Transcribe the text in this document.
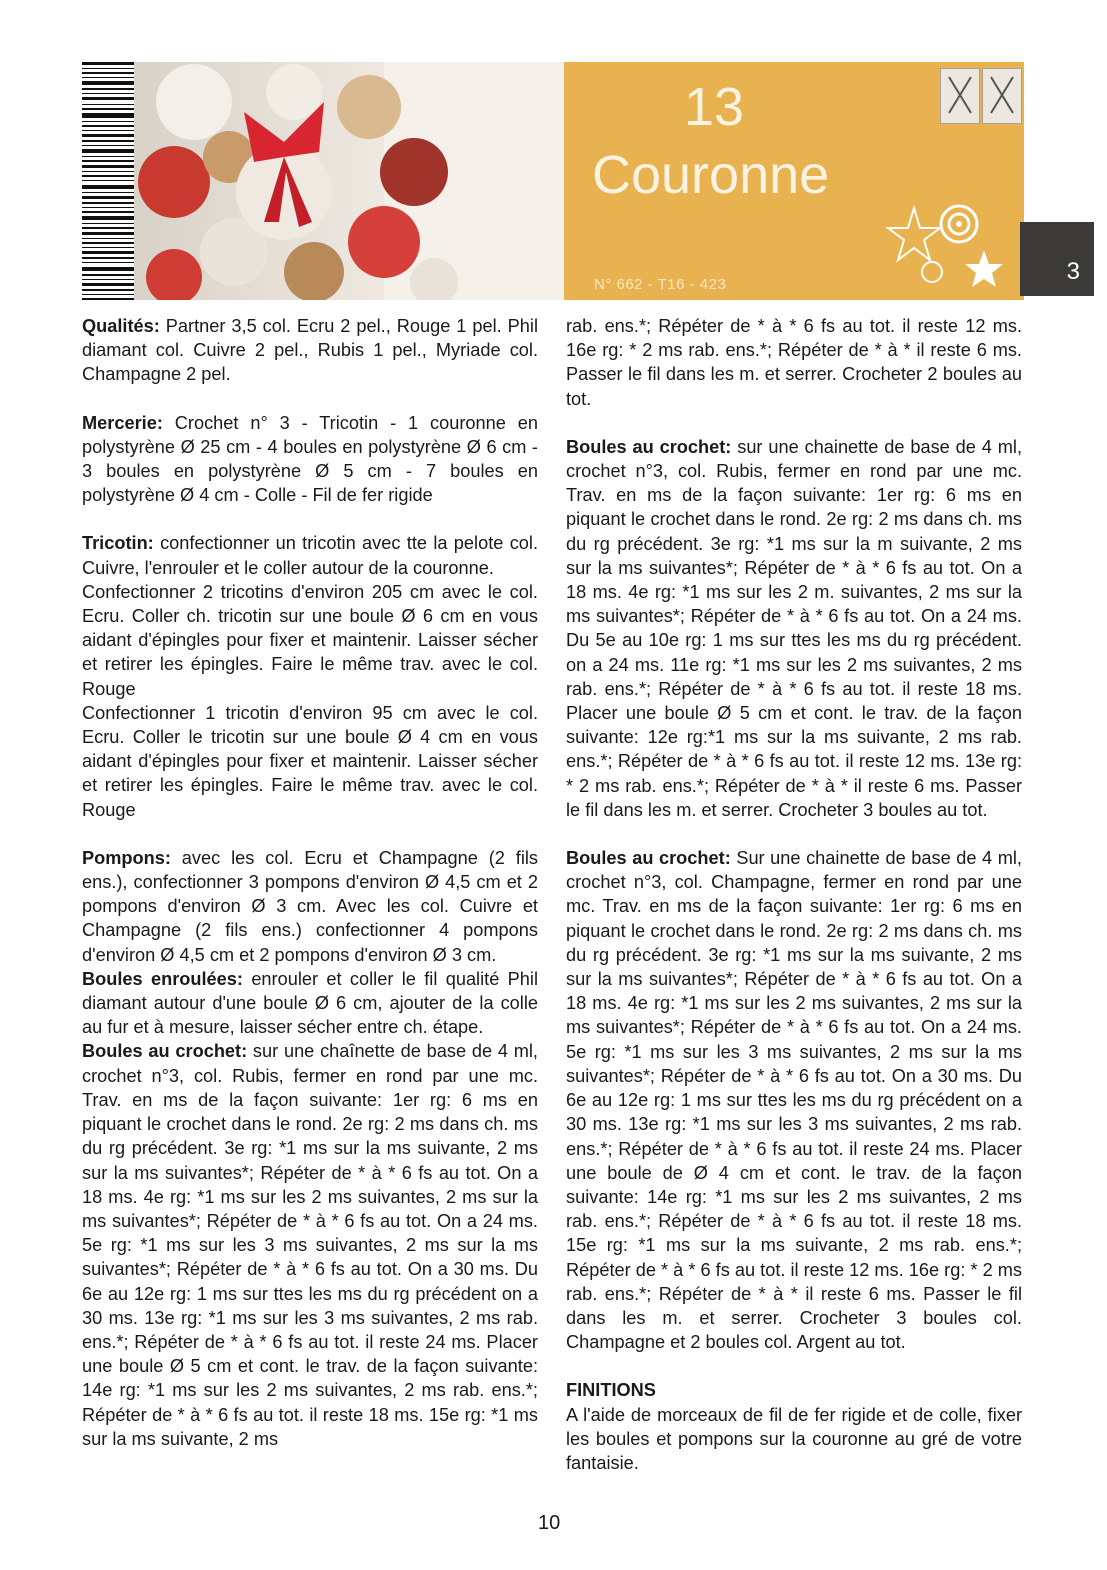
13
Couronne
N° 662 - T16 - 423	3

Qualités: Partner 3,5 col. Ecru 2 pel., Rouge 1 pel. Phil diamant col. Cuivre 2 pel., Rubis 1 pel., Myriade col. Champagne 2 pel.

Mercerie: Crochet n° 3 - Tricotin - 1 couronne en polystyrène Ø 25 cm - 4 boules en polystyrène Ø 6 cm - 3 boules en polystyrène Ø 5 cm - 7 boules en polystyrène Ø 4 cm - Colle - Fil de fer rigide

Tricotin: confectionner un tricotin avec tte la pelote col. Cuivre, l'enrouler et le coller autour de la couronne.

Confectionner 2 tricotins d'environ 205 cm avec le col. Ecru. Coller ch. tricotin sur une boule Ø 6 cm en vous aidant d'épingles pour fixer et maintenir. Laisser sécher et retirer les épingles. Faire le même trav. avec le col. Rouge

Confectionner 1 tricotin d'environ 95 cm avec le col. Ecru. Coller le tricotin sur une boule Ø 4 cm en vous aidant d'épingles pour fixer et maintenir. Laisser sécher et retirer les épingles. Faire le même trav. avec le col. Rouge

Pompons: avec les col. Ecru et Champagne (2 fils ens.), confectionner 3 pompons d'environ Ø 4,5 cm et 2 pompons d'environ Ø 3 cm. Avec les col. Cuivre et Champagne (2 fils ens.) confectionner 4 pompons d'environ Ø 4,5 cm et 2 pompons d'environ Ø 3 cm.

Boules enroulées: enrouler et coller le fil qualité Phil diamant autour d'une boule Ø 6 cm, ajouter de la colle au fur et à mesure, laisser sécher entre ch. étape.

Boules au crochet: sur une chaînette de base de 4 ml, crochet n°3, col. Rubis, fermer en rond par une mc. Trav. en ms de la façon suivante: 1er rg: 6 ms en piquant le crochet dans le rond. 2e rg: 2 ms dans ch. ms du rg précédent. 3e rg: *1 ms sur la ms suivante, 2 ms sur la ms suivantes*; Répéter de * à * 6 fs au tot. On a 18 ms. 4e rg: *1 ms sur les 2 ms suivantes, 2 ms sur la ms suivantes*; Répéter de * à * 6 fs au tot. On a 24 ms. 5e rg: *1 ms sur les 3 ms suivantes, 2 ms sur la ms suivantes*; Répéter de * à * 6 fs au tot. On a 30 ms. Du 6e au 12e rg: 1 ms sur ttes les ms du rg précédent on a 30 ms. 13e rg: *1 ms sur les 3 ms suivantes, 2 ms rab. ens.*; Répéter de * à * 6 fs au tot. il reste 24 ms. Placer une boule Ø 5 cm et cont. le trav. de la façon suivante: 14e rg: *1 ms sur les 2 ms suivantes, 2 ms rab. ens.*; Répéter de * à * 6 fs au tot. il reste 18 ms. 15e rg: *1 ms sur la ms suivante, 2 ms

rab. ens.*; Répéter de * à * 6 fs au tot. il reste 12 ms. 16e rg: * 2 ms rab. ens.*; Répéter de * à * il reste 6 ms. Passer le fil dans les m. et serrer. Crocheter 2 boules au tot.

Boules au crochet: sur une chainette de base de 4 ml, crochet n°3, col. Rubis, fermer en rond par une mc. Trav. en ms de la façon suivante: 1er rg: 6 ms en piquant le crochet dans le rond. 2e rg: 2 ms dans ch. ms du rg précédent. 3e rg: *1 ms sur la m suivante, 2 ms sur la ms suivantes*; Répéter de * à * 6 fs au tot. On a 18 ms. 4e rg: *1 ms sur les 2 m. suivantes, 2 ms sur la ms suivantes*; Répéter de * à * 6 fs au tot. On a 24 ms. Du 5e au 10e rg: 1 ms sur ttes les ms du rg précédent. on a 24 ms. 11e rg: *1 ms sur les 2 ms suivantes, 2 ms rab. ens.*; Répéter de * à * 6 fs au tot. il reste 18 ms. Placer une boule Ø 5 cm et cont. le trav. de la façon suivante: 12e rg:*1 ms sur la ms suivante, 2 ms rab. ens.*; Répéter de * à * 6 fs au tot. il reste 12 ms. 13e rg: * 2 ms rab. ens.*; Répéter de * à * il reste 6 ms. Passer le fil dans les m. et serrer. Crocheter 3 boules au tot.

Boules au crochet: Sur une chainette de base de 4 ml, crochet n°3, col. Champagne, fermer en rond par une mc. Trav. en ms de la façon suivante: 1er rg: 6 ms en piquant le crochet dans le rond. 2e rg: 2 ms dans ch. ms du rg précédent. 3e rg: *1 ms sur la ms suivante, 2 ms sur la ms suivantes*; Répéter de * à * 6 fs au tot. On a 18 ms. 4e rg: *1 ms sur les 2 ms suivantes, 2 ms sur la ms suivantes*; Répéter de * à * 6 fs au tot. On a 24 ms. 5e rg: *1 ms sur les 3 ms suivantes, 2 ms sur la ms suivantes*; Répéter de * à * 6 fs au tot. On a 30 ms. Du 6e au 12e rg: 1 ms sur ttes les ms du rg précédent on a 30 ms. 13e rg: *1 ms sur les 3 ms suivantes, 2 ms rab. ens.*; Répéter de * à * 6 fs au tot. il reste 24 ms. Placer une boule de Ø 4 cm et cont. le trav. de la façon suivante: 14e rg: *1 ms sur les 2 ms suivantes, 2 ms rab. ens.*; Répéter de * à * 6 fs au tot. il reste 18 ms. 15e rg: *1 ms sur la ms suivante, 2 ms rab. ens.*; Répéter de * à * 6 fs au tot. il reste 12 ms. 16e rg: * 2 ms rab. ens.*; Répéter de * à * il reste 6 ms. Passer le fil dans les m. et serrer. Crocheter 3 boules col. Champagne et 2 boules col. Argent au tot.

FINITIONS
A l'aide de morceaux de fil de fer rigide et de colle, fixer les boules et pompons sur la couronne au gré de votre fantaisie.

10
